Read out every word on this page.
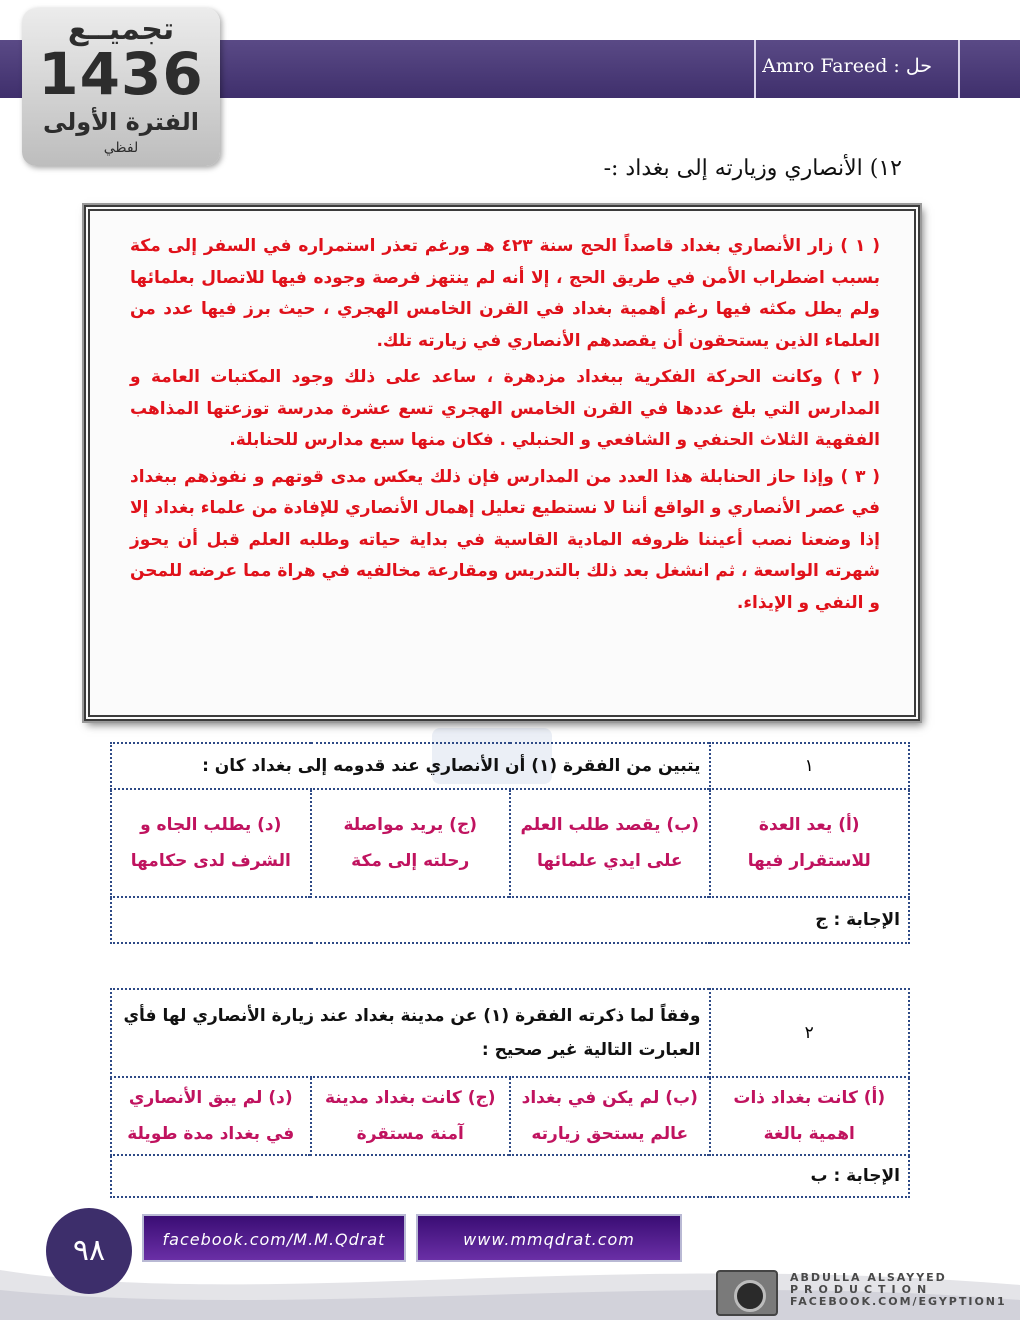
حل : Amro Fareed
تجميــع
1436
الفترة الأولى
لفظي
١٢) الأنصاري وزيارته إلى بغداد :-

( ١ ) زار الأنصاري بغداد قاصداً الحج سنة ٤٢٣ هـ ورغم تعذر استمراره في السفر إلى مكة بسبب اضطراب الأمن في طريق الحج ، إلا أنه لم ينتهز فرصة وجوده فيها للاتصال بعلمائها ولم يطل مكثه فيها رغم أهمية بغداد في القرن الخامس الهجري ، حيث برز فيها عدد من العلماء الذين يستحقون أن يقصدهم الأنصاري في زيارته تلك.

( ٢ ) وكانت الحركة الفكرية ببغداد مزدهرة ، ساعد على ذلك وجود المكتبات العامة و المدارس التي بلغ عددها في القرن الخامس الهجري تسع عشرة مدرسة توزعتها المذاهب الفقهية الثلاث الحنفي و الشافعي و الحنبلي . فكان منها سبع مدارس للحنابلة.

( ٣ ) وإذا حاز الحنابلة هذا العدد من المدارس فإن ذلك يعكس مدى قوتهم و نفوذهم ببغداد في عصر الأنصاري و الواقع أننا لا نستطيع تعليل إهمال الأنصاري للإفادة من علماء بغداد إلا إذا وضعنا نصب أعيننا ظروفه المادية القاسية في بداية حياته وطلبه العلم قبل أن يحوز شهرته الواسعة ، ثم انشغل بعد ذلك بالتدريس ومقارعة مخالفيه في هراة مما عرضه للمحن و النفي و الإيذاء.

١	يتبين من الفقرة (١) أن الأنصاري عند قدومه إلى بغداد كان :		
(أ) يعد العدة للاستقرار فيها	(ب) يقصد طلب العلم على ايدي علمائها	(ج) يريد مواصلة رحلته إلى مكة	(د) يطلب الجاه و الشرف لدى حكامها
الإجابة : ج			
٢	وفقاً لما ذكرته الفقرة (١) عن مدينة بغداد عند زيارة الأنصاري لها فأي العبارت التالية غير صحيح :		
(أ) كانت بغداد ذات اهمية بالغة	(ب) لم يكن في بغداد عالم يستحق زيارته	(ج) كانت بغداد مدينة آمنة مستقرة	(د) لم يبق الأنصاري في بغداد مدة طويلة
الإجابة : ب			
٩٨	facebook.com/M.M.Qdrat	www.mmqdrat.com
ABDULLA ALSAYYED
PRODUCTION
FACEBOOK.COM/EGYPTION1
